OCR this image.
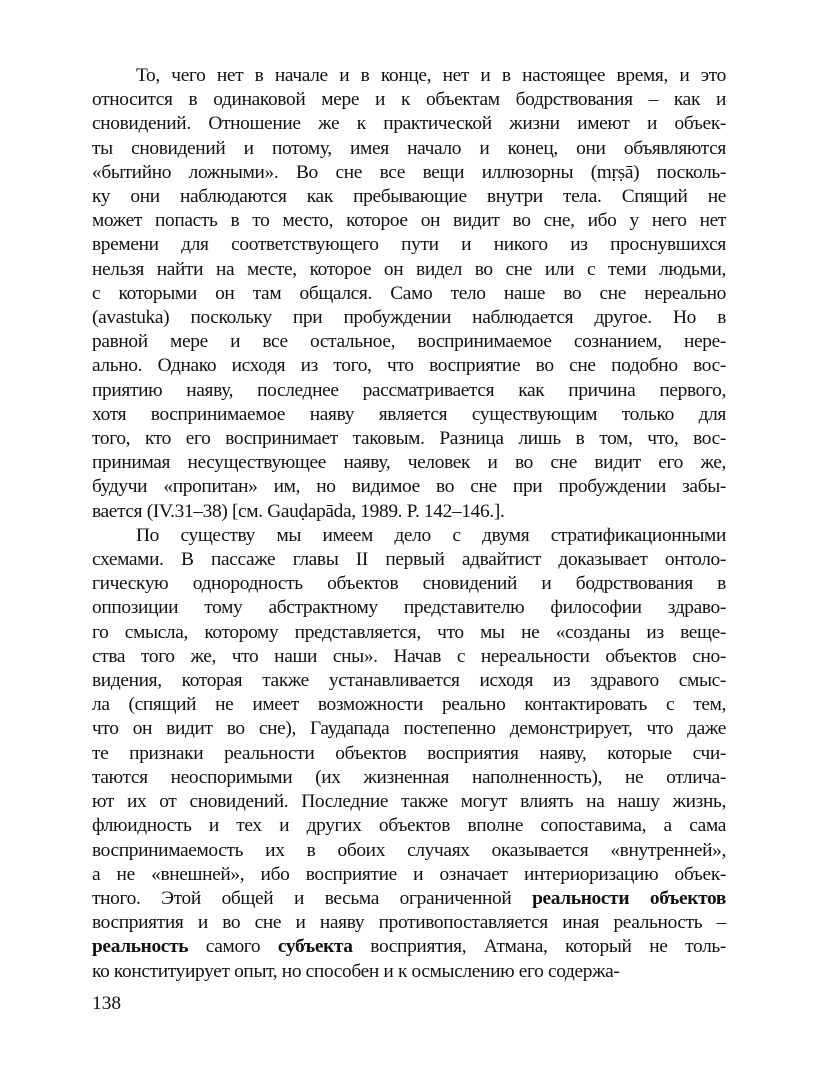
То, чего нет в начале и в конце, нет и в настоящее время, и это
относится в одинаковой мере и к объектам бодрствования – как и
сновидений. Отношение же к практической жизни имеют и объек-
ты сновидений и потому, имея начало и конец, они объявляются
«бытийно ложными». Во сне все вещи иллюзорны (mṛṣā) посколь-
ку они наблюдаются как пребывающие внутри тела. Спящий не
может попасть в то место, которое он видит во сне, ибо у него нет
времени для соответствующего пути и никого из проснувшихся
нельзя найти на месте, которое он видел во сне или с теми людьми,
с которыми он там общался. Само тело наше во сне нереально
(avastuka) поскольку при пробуждении наблюдается другое. Но в
равной мере и все остальное, воспринимаемое сознанием, нере-
ально. Однако исходя из того, что восприятие во сне подобно вос-
приятию наяву, последнее рассматривается как причина первого,
хотя воспринимаемое наяву является существующим только для
того, кто его воспринимает таковым. Разница лишь в том, что, вос-
принимая несуществующее наяву, человек и во сне видит его же,
будучи «пропитан» им, но видимое во сне при пробуждении забы-
вается (IV.31–38) [см. Gauḍapāda, 1989. P. 142–146.].
По существу мы имеем дело с двумя стратификационными
схемами. В пассаже главы II первый адвайтист доказывает онтоло-
гическую однородность объектов сновидений и бодрствования в
оппозиции тому абстрактному представителю философии здраво-
го смысла, которому представляется, что мы не «созданы из веще-
ства того же, что наши сны». Начав с нереальности объектов сно-
видения, которая также устанавливается исходя из здравого смыс-
ла (спящий не имеет возможности реально контактировать с тем,
что он видит во сне), Гаудапада постепенно демонстрирует, что даже
те признаки реальности объектов восприятия наяву, которые счи-
таются неоспоримыми (их жизненная наполненность), не отлича-
ют их от сновидений. Последние также могут влиять на нашу жизнь,
флюидность и тех и других объектов вполне сопоставима, а сама
воспринимаемость их в обоих случаях оказывается «внутренней»,
а не «внешней», ибо восприятие и означает интериоризацию объек-
тного. Этой общей и весьма ограниченной реальности объектов
восприятия и во сне и наяву противопоставляется иная реальность –
реальность самого субъекта восприятия, Атмана, который не толь-
ко конституирует опыт, но способен и к осмыслению его содержа-
138
